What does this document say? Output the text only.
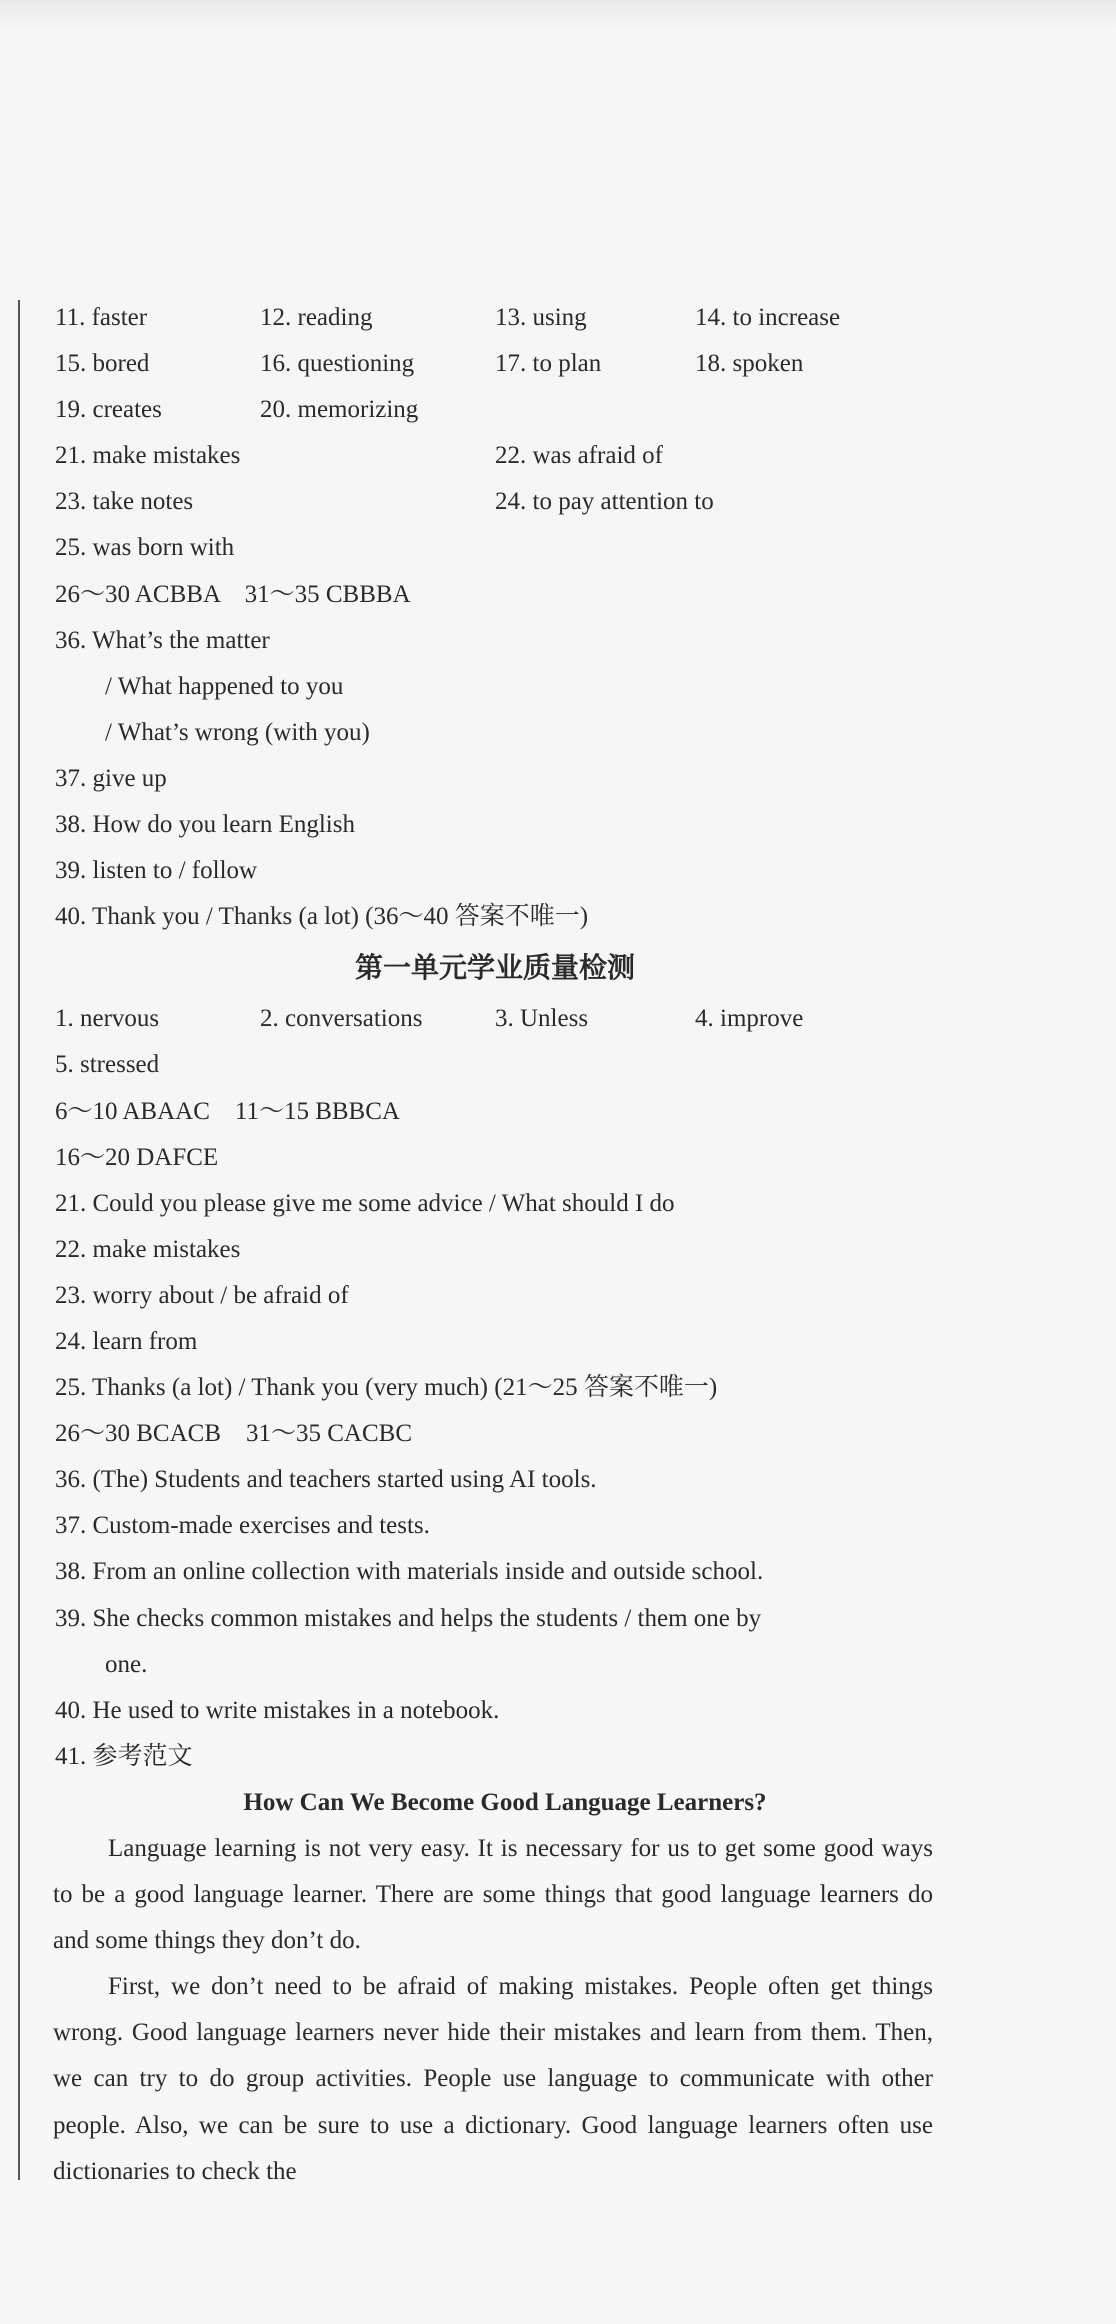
11. faster	12. reading	13. using	14. to increase
15. bored	16. questioning	17. to plan	18. spoken
19. creates	20. memorizing
21. make mistakes	22. was afraid of
23. take notes	24. to pay attention to
25. was born with
26～30 ACBBA　31～35 CBBBA
36. What’s the matter
/ What happened to you
/ What’s wrong (with you)
37. give up
38. How do you learn English
39. listen to / follow
40. Thank you / Thanks (a lot) (36～40 答案不唯一)
第一单元学业质量检测
1. nervous	2. conversations	3. Unless	4. improve
5. stressed
6～10 ABAAC　11～15 BBBCA
16～20 DAFCE
21. Could you please give me some advice / What should I do
22. make mistakes
23. worry about / be afraid of
24. learn from
25. Thanks (a lot) / Thank you (very much) (21～25 答案不唯一)
26～30 BCACB　31～35 CACBC
36. (The) Students and teachers started using AI tools.
37. Custom-made exercises and tests.
38. From an online collection with materials inside and outside school.
39. She checks common mistakes and helps the students / them one by
one.
40. He used to write mistakes in a notebook.
41. 参考范文
How Can We Become Good Language Learners?
Language learning is not very easy. It is necessary for us to get some good ways to be a good language learner. There are some things that good language learners do and some things they don’t do.
First, we don’t need to be afraid of making mistakes. People often get things wrong. Good language learners never hide their mistakes and learn from them. Then, we can try to do group activities. People use language to communicate with other people. Also, we can be sure to use a dictionary. Good language learners often use dictionaries to check the
